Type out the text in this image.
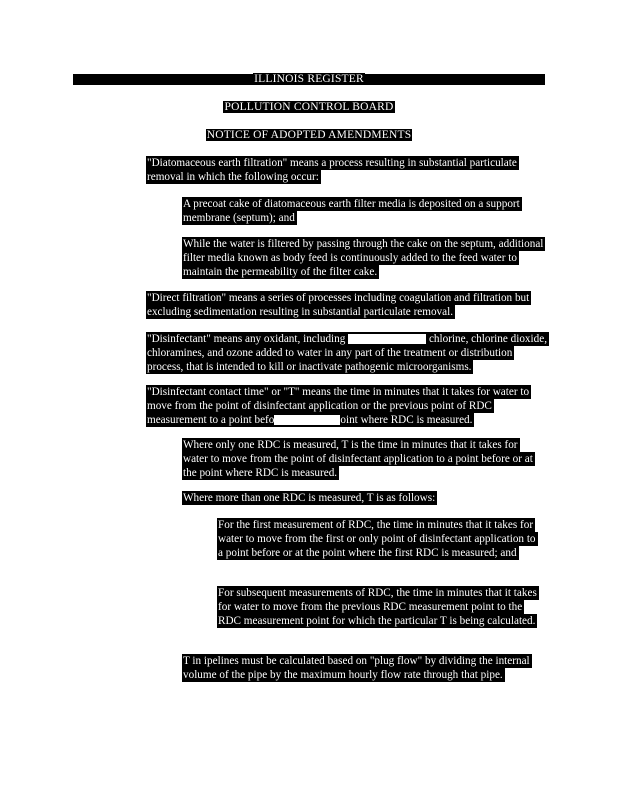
ILLINOIS REGISTER
POLLUTION CONTROL BOARD
NOTICE OF ADOPTED AMENDMENTS
"Diatomaceous earth filtration" means a process resulting in substantial particulate removal in which the following occur:
A precoat cake of diatomaceous earth filter media is deposited on a support membrane (septum); and
While the water is filtered by passing through the cake on the septum, additional filter media known as body feed is continuously added to the feed water to maintain the permeability of the filter cake.
"Direct filtration" means a series of processes including coagulation and filtration but excluding sedimentation resulting in substantial particulate removal.
"Disinfectant" means any oxidant, including	chlorine, chlorine dioxide, chloramines, and ozone added to water in any part of the treatment or distribution process, that is intended to kill or inactivate pathogenic microorganisms.
"Disinfectant contact time" or "T" means the time in minutes that it takes for water to move from the point of disinfectant application or the previous point of RDC measurement to a point befo	oint where RDC is measured.
Where only one RDC is measured, T is the time in minutes that it takes for water to move from the point of disinfectant application to a point before or at the point where RDC is measured.
Where more than one RDC is measured, T is as follows:
For the first measurement of RDC, the time in minutes that it takes for water to move from the first or only point of disinfectant application to a point before or at the point where the first RDC is measured; and
For subsequent measurements of RDC, the time in minutes that it takes for water to move from the previous RDC measurement point to the RDC measurement point for which the particular T is being calculated.
T in ipelines must be calculated based on "plug flow" by dividing the internal volume of the pipe by the maximum hourly flow rate through that pipe.
